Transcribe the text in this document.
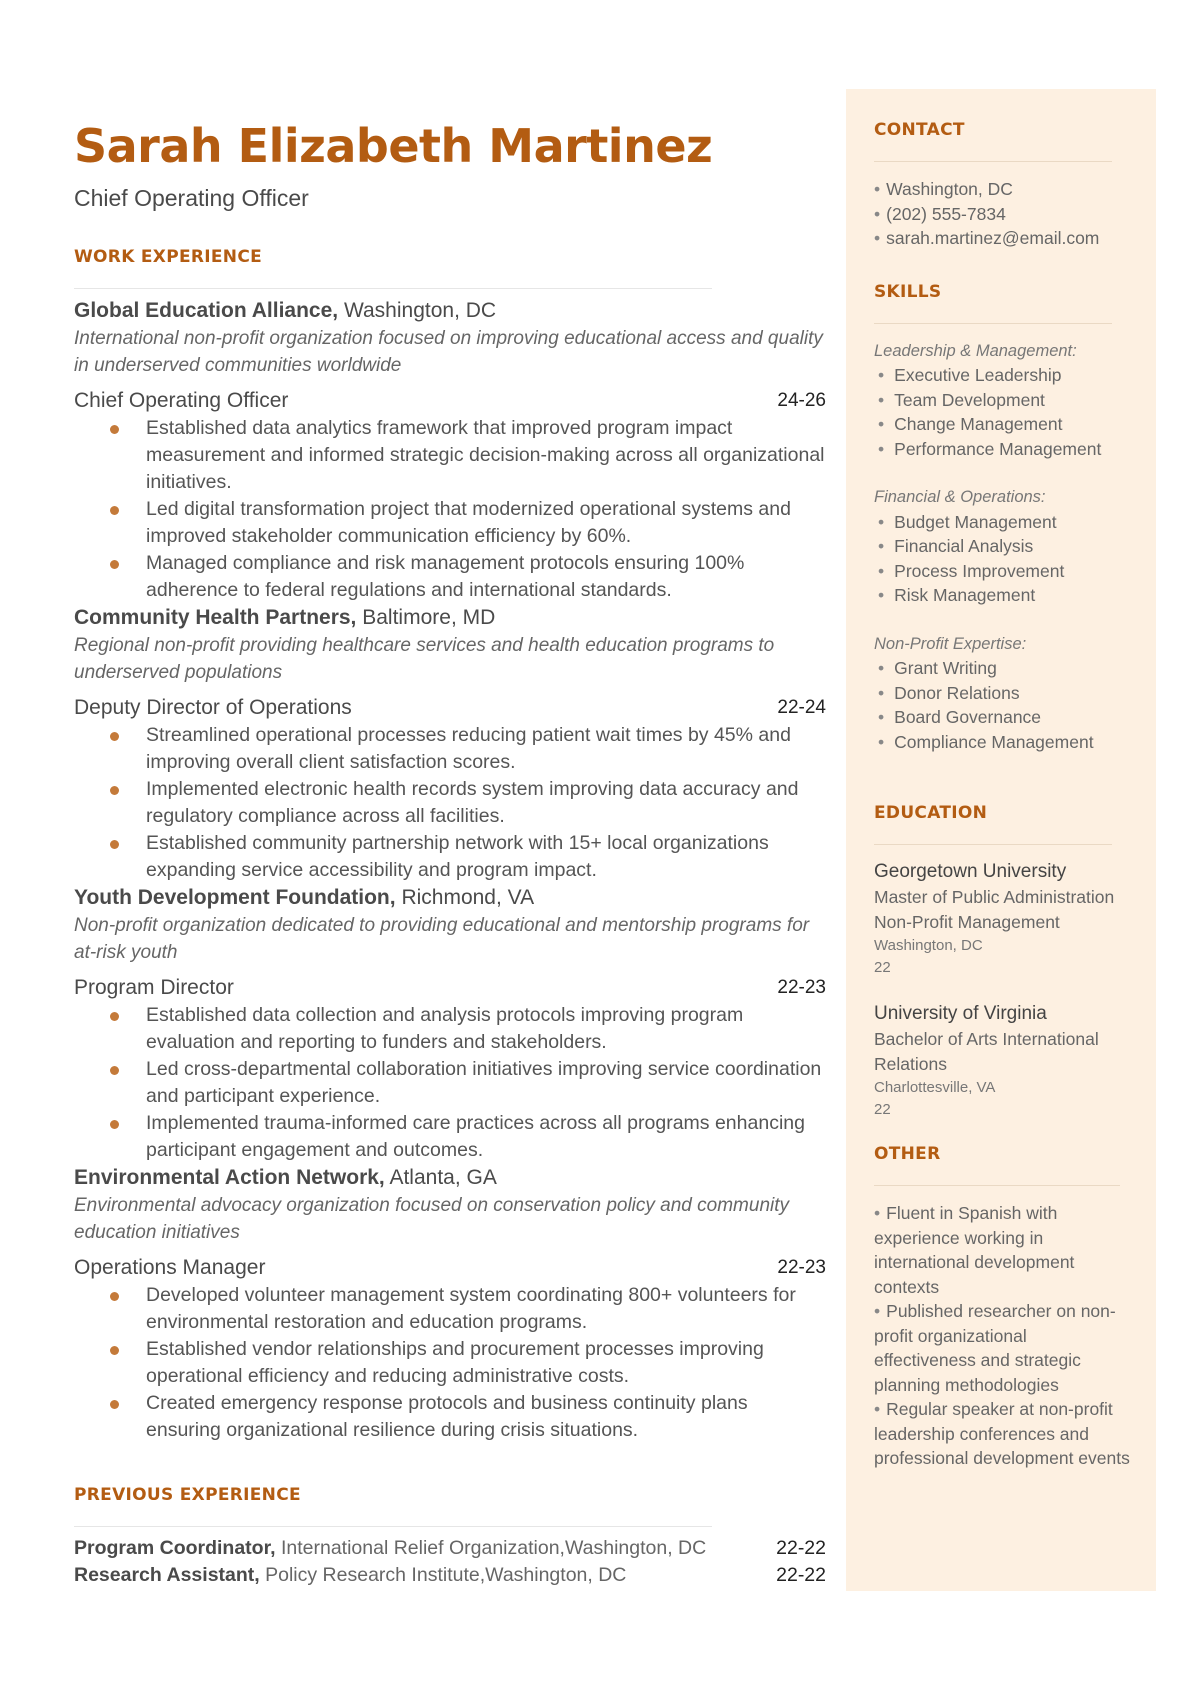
Sarah Elizabeth Martinez
Chief Operating Officer
WORK EXPERIENCE
Global Education Alliance, Washington, DC
International non-profit organization focused on improving educational access and quality in underserved communities worldwide
Chief Operating Officer	24-26
Established data analytics framework that improved program impact measurement and informed strategic decision-making across all organizational initiatives.
Led digital transformation project that modernized operational systems and improved stakeholder communication efficiency by 60%.
Managed compliance and risk management protocols ensuring 100% adherence to federal regulations and international standards.
Community Health Partners, Baltimore, MD
Regional non-profit providing healthcare services and health education programs to underserved populations
Deputy Director of Operations	22-24
Streamlined operational processes reducing patient wait times by 45% and improving overall client satisfaction scores.
Implemented electronic health records system improving data accuracy and regulatory compliance across all facilities.
Established community partnership network with 15+ local organizations expanding service accessibility and program impact.
Youth Development Foundation, Richmond, VA
Non-profit organization dedicated to providing educational and mentorship programs for at-risk youth
Program Director	22-23
Established data collection and analysis protocols improving program evaluation and reporting to funders and stakeholders.
Led cross-departmental collaboration initiatives improving service coordination and participant experience.
Implemented trauma-informed care practices across all programs enhancing participant engagement and outcomes.
Environmental Action Network, Atlanta, GA
Environmental advocacy organization focused on conservation policy and community education initiatives
Operations Manager	22-23
Developed volunteer management system coordinating 800+ volunteers for environmental restoration and education programs.
Established vendor relationships and procurement processes improving operational efficiency and reducing administrative costs.
Created emergency response protocols and business continuity plans ensuring organizational resilience during crisis situations.
PREVIOUS EXPERIENCE
Program Coordinator, International Relief Organization,Washington, DC	22-22
Research Assistant, Policy Research Institute,Washington, DC	22-22
CONTACT
• Washington, DC
• (202) 555-7834
• sarah.martinez@email.com
SKILLS
Leadership & Management:
• Executive Leadership
• Team Development
• Change Management
• Performance Management
Financial & Operations:
• Budget Management
• Financial Analysis
• Process Improvement
• Risk Management
Non-Profit Expertise:
• Grant Writing
• Donor Relations
• Board Governance
• Compliance Management
EDUCATION
Georgetown University
Master of Public Administration Non-Profit Management
Washington, DC
22
University of Virginia
Bachelor of Arts International Relations
Charlottesville, VA
22
OTHER
• Fluent in Spanish with experience working in international development contexts
• Published researcher on non-profit organizational effectiveness and strategic planning methodologies
• Regular speaker at non-profit leadership conferences and professional development events
